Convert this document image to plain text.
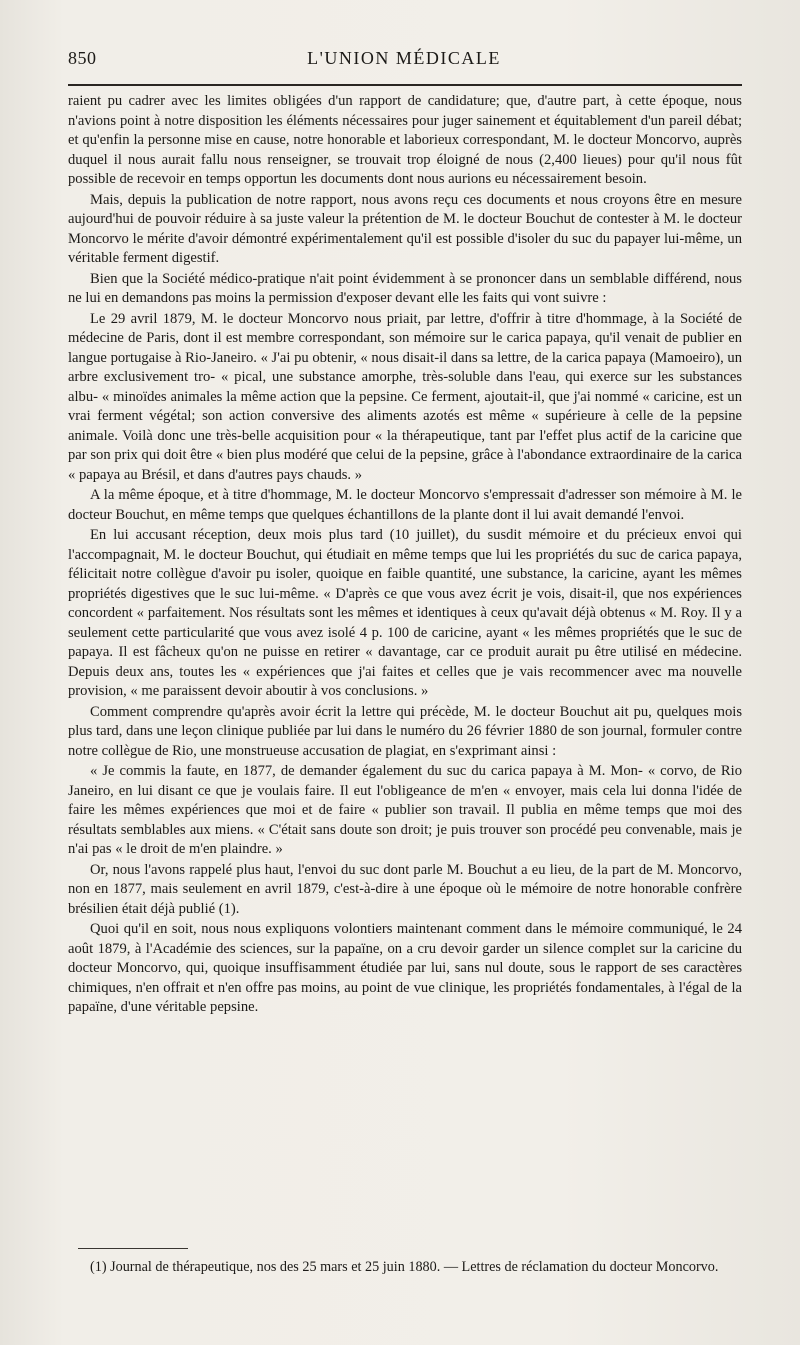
850	L'UNION MÉDICALE

raient pu cadrer avec les limites obligées d'un rapport de candidature; que, d'autre part, à cette époque, nous n'avions point à notre disposition les éléments nécessaires pour juger sainement et équitablement d'un pareil débat; et qu'enfin la personne mise en cause, notre honorable et laborieux correspondant, M. le docteur Moncorvo, auprès duquel il nous aurait fallu nous renseigner, se trouvait trop éloigné de nous (2,400 lieues) pour qu'il nous fût possible de recevoir en temps opportun les documents dont nous aurions eu nécessairement besoin.

Mais, depuis la publication de notre rapport, nous avons reçu ces documents et nous croyons être en mesure aujourd'hui de pouvoir réduire à sa juste valeur la prétention de M. le docteur Bouchut de contester à M. le docteur Moncorvo le mérite d'avoir démontré expérimentalement qu'il est possible d'isoler du suc du papayer lui-même, un véritable ferment digestif.

Bien que la Société médico-pratique n'ait point évidemment à se prononcer dans un semblable différend, nous ne lui en demandons pas moins la permission d'exposer devant elle les faits qui vont suivre :

Le 29 avril 1879, M. le docteur Moncorvo nous priait, par lettre, d'offrir à titre d'hommage, à la Société de médecine de Paris, dont il est membre correspondant, son mémoire sur le carica papaya, qu'il venait de publier en langue portugaise à Rio-Janeiro. « J'ai pu obtenir, « nous disait-il dans sa lettre, de la carica papaya (Mamoeiro), un arbre exclusivement tro- « pical, une substance amorphe, très-soluble dans l'eau, qui exerce sur les substances albu- « minoïdes animales la même action que la pepsine. Ce ferment, ajoutait-il, que j'ai nommé « caricine, est un vrai ferment végétal; son action conversive des aliments azotés est même « supérieure à celle de la pepsine animale. Voilà donc une très-belle acquisition pour « la thérapeutique, tant par l'effet plus actif de la caricine que par son prix qui doit être « bien plus modéré que celui de la pepsine, grâce à l'abondance extraordinaire de la carica « papaya au Brésil, et dans d'autres pays chauds. »

A la même époque, et à titre d'hommage, M. le docteur Moncorvo s'empressait d'adresser son mémoire à M. le docteur Bouchut, en même temps que quelques échantillons de la plante dont il lui avait demandé l'envoi.

En lui accusant réception, deux mois plus tard (10 juillet), du susdit mémoire et du précieux envoi qui l'accompagnait, M. le docteur Bouchut, qui étudiait en même temps que lui les propriétés du suc de carica papaya, félicitait notre collègue d'avoir pu isoler, quoique en faible quantité, une substance, la caricine, ayant les mêmes propriétés digestives que le suc lui-même. « D'après ce que vous avez écrit je vois, disait-il, que nos expériences concordent « parfaitement. Nos résultats sont les mêmes et identiques à ceux qu'avait déjà obtenus « M. Roy. Il y a seulement cette particularité que vous avez isolé 4 p. 100 de caricine, ayant « les mêmes propriétés que le suc de papaya. Il est fâcheux qu'on ne puisse en retirer « davantage, car ce produit aurait pu être utilisé en médecine. Depuis deux ans, toutes les « expériences que j'ai faites et celles que je vais recommencer avec ma nouvelle provision, « me paraissent devoir aboutir à vos conclusions. »

Comment comprendre qu'après avoir écrit la lettre qui précède, M. le docteur Bouchut ait pu, quelques mois plus tard, dans une leçon clinique publiée par lui dans le numéro du 26 février 1880 de son journal, formuler contre notre collègue de Rio, une monstrueuse accusation de plagiat, en s'exprimant ainsi :

« Je commis la faute, en 1877, de demander également du suc du carica papaya à M. Mon- « corvo, de Rio Janeiro, en lui disant ce que je voulais faire. Il eut l'obligeance de m'en « envoyer, mais cela lui donna l'idée de faire les mêmes expériences que moi et de faire « publier son travail. Il publia en même temps que moi des résultats semblables aux miens. « C'était sans doute son droit; je puis trouver son procédé peu convenable, mais je n'ai pas « le droit de m'en plaindre. »

Or, nous l'avons rappelé plus haut, l'envoi du suc dont parle M. Bouchut a eu lieu, de la part de M. Moncorvo, non en 1877, mais seulement en avril 1879, c'est-à-dire à une époque où le mémoire de notre honorable confrère brésilien était déjà publié (1).

Quoi qu'il en soit, nous nous expliquons volontiers maintenant comment dans le mémoire communiqué, le 24 août 1879, à l'Académie des sciences, sur la papaïne, on a cru devoir garder un silence complet sur la caricine du docteur Moncorvo, qui, quoique insuffisamment étudiée par lui, sans nul doute, sous le rapport de ses caractères chimiques, n'en offrait et n'en offre pas moins, au point de vue clinique, les propriétés fondamentales, à l'égal de la papaïne, d'une véritable pepsine.

(1) Journal de thérapeutique, nos des 25 mars et 25 juin 1880. — Lettres de réclamation du docteur Moncorvo.
